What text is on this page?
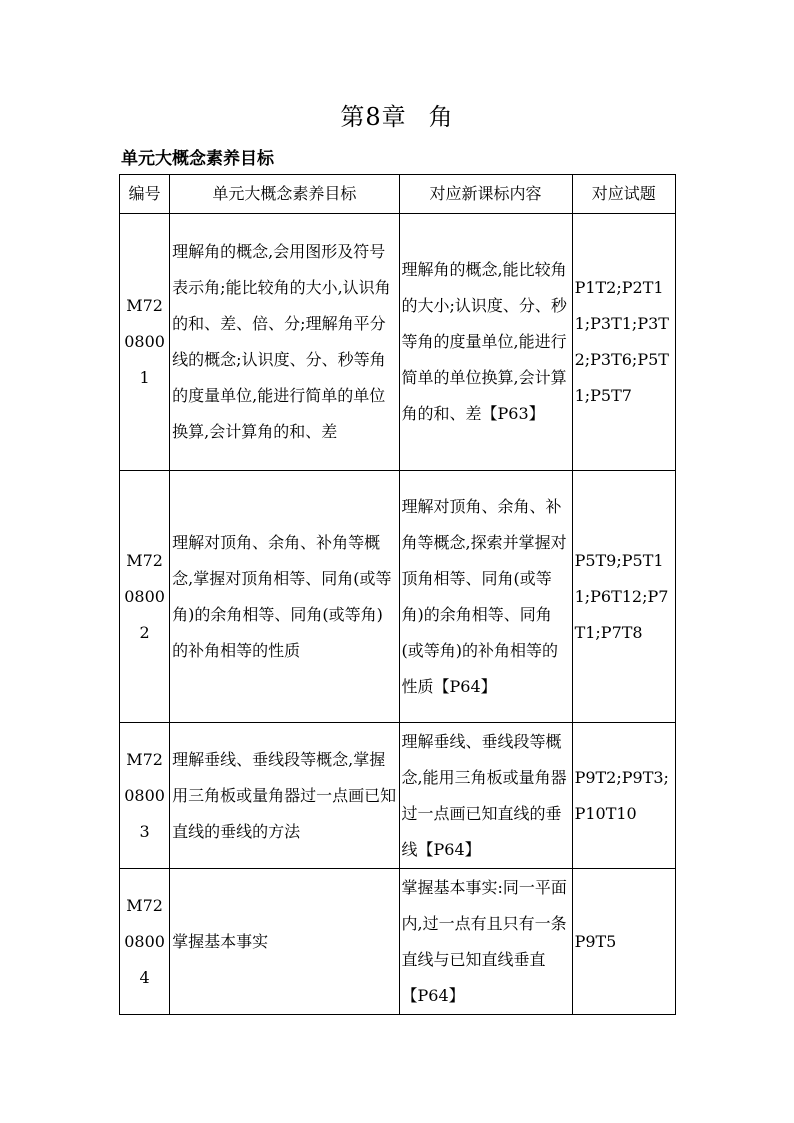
第8章 角
单元大概念素养目标
编号	单元大概念素养目标	对应新课标内容	对应试题

M7208001	理解角的概念,会用图形及符号表示角;能比较角的大小,认识角的和、差、倍、分;理解角平分线的概念;认识度、分、秒等角的度量单位,能进行简单的单位换算,会计算角的和、差	理解角的概念,能比较角的大小;认识度、分、秒等角的度量单位,能进行简单的单位换算,会计算角的和、差【P63】	P1T2;P2T11;P3T1;P3T2;P3T6;P5T1;P5T7

M7208002	理解对顶角、余角、补角等概念,掌握对顶角相等、同角(或等角)的余角相等、同角(或等角)的补角相等的性质	理解对顶角、余角、补角等概念,探索并掌握对顶角相等、同角(或等角)的余角相等、同角(或等角)的补角相等的性质【P64】	P5T9;P5T11;P6T12;P7T1;P7T8

M7208003	理解垂线、垂线段等概念,掌握用三角板或量角器过一点画已知直线的垂线的方法	理解垂线、垂线段等概念,能用三角板或量角器过一点画已知直线的垂线【P64】	P9T2;P9T3;P10T10

M7208004	掌握基本事实	掌握基本事实:同一平面内,过一点有且只有一条直线与已知直线垂直【P64】	P9T5
